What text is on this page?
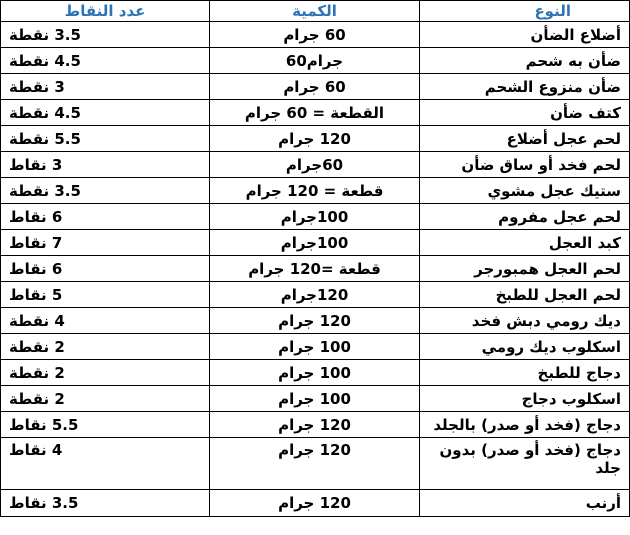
النوع	الكمية	عدد النقاط
أضلاع الضأن	60 جرام	3.5 نقطة
ضأن به شحم	جرام60	4.5 نقطة
ضأن منزوع الشحم	60 جرام	3 نقطة
كتف ضأن	القطعة = 60 جرام	4.5 نقطة
لحم عجل أضلاع	120 جرام	5.5 نقطة
لحم فخد أو ساق ضأن	60جرام	3 نقاط
ستيك عجل مشوي	قطعة = 120 جرام	3.5 نقطة
لحم عجل مفروم	100جرام	6 نقاط
كبد العجل	100جرام	7 نقاط
لحم العجل همبورجر	قطعة =120 جرام	6 نقاط
لحم العجل للطبخ	120جرام	5 نقاط
ديك رومي دبش فخد	120 جرام	4 نقطة
اسكلوب ديك رومي	100 جرام	2 نقطة
دجاج للطبخ	100 جرام	2 نقطة
اسكلوب دجاج	100 جرام	2 نقطة
دجاج (فخد أو صدر) بالجلد	120 جرام	5.5 نقاط
دجاج (فخد أو صدر) بدون جلد	120 جرام	4 نقاط
أرنب	120 جرام	3.5 نقاط
